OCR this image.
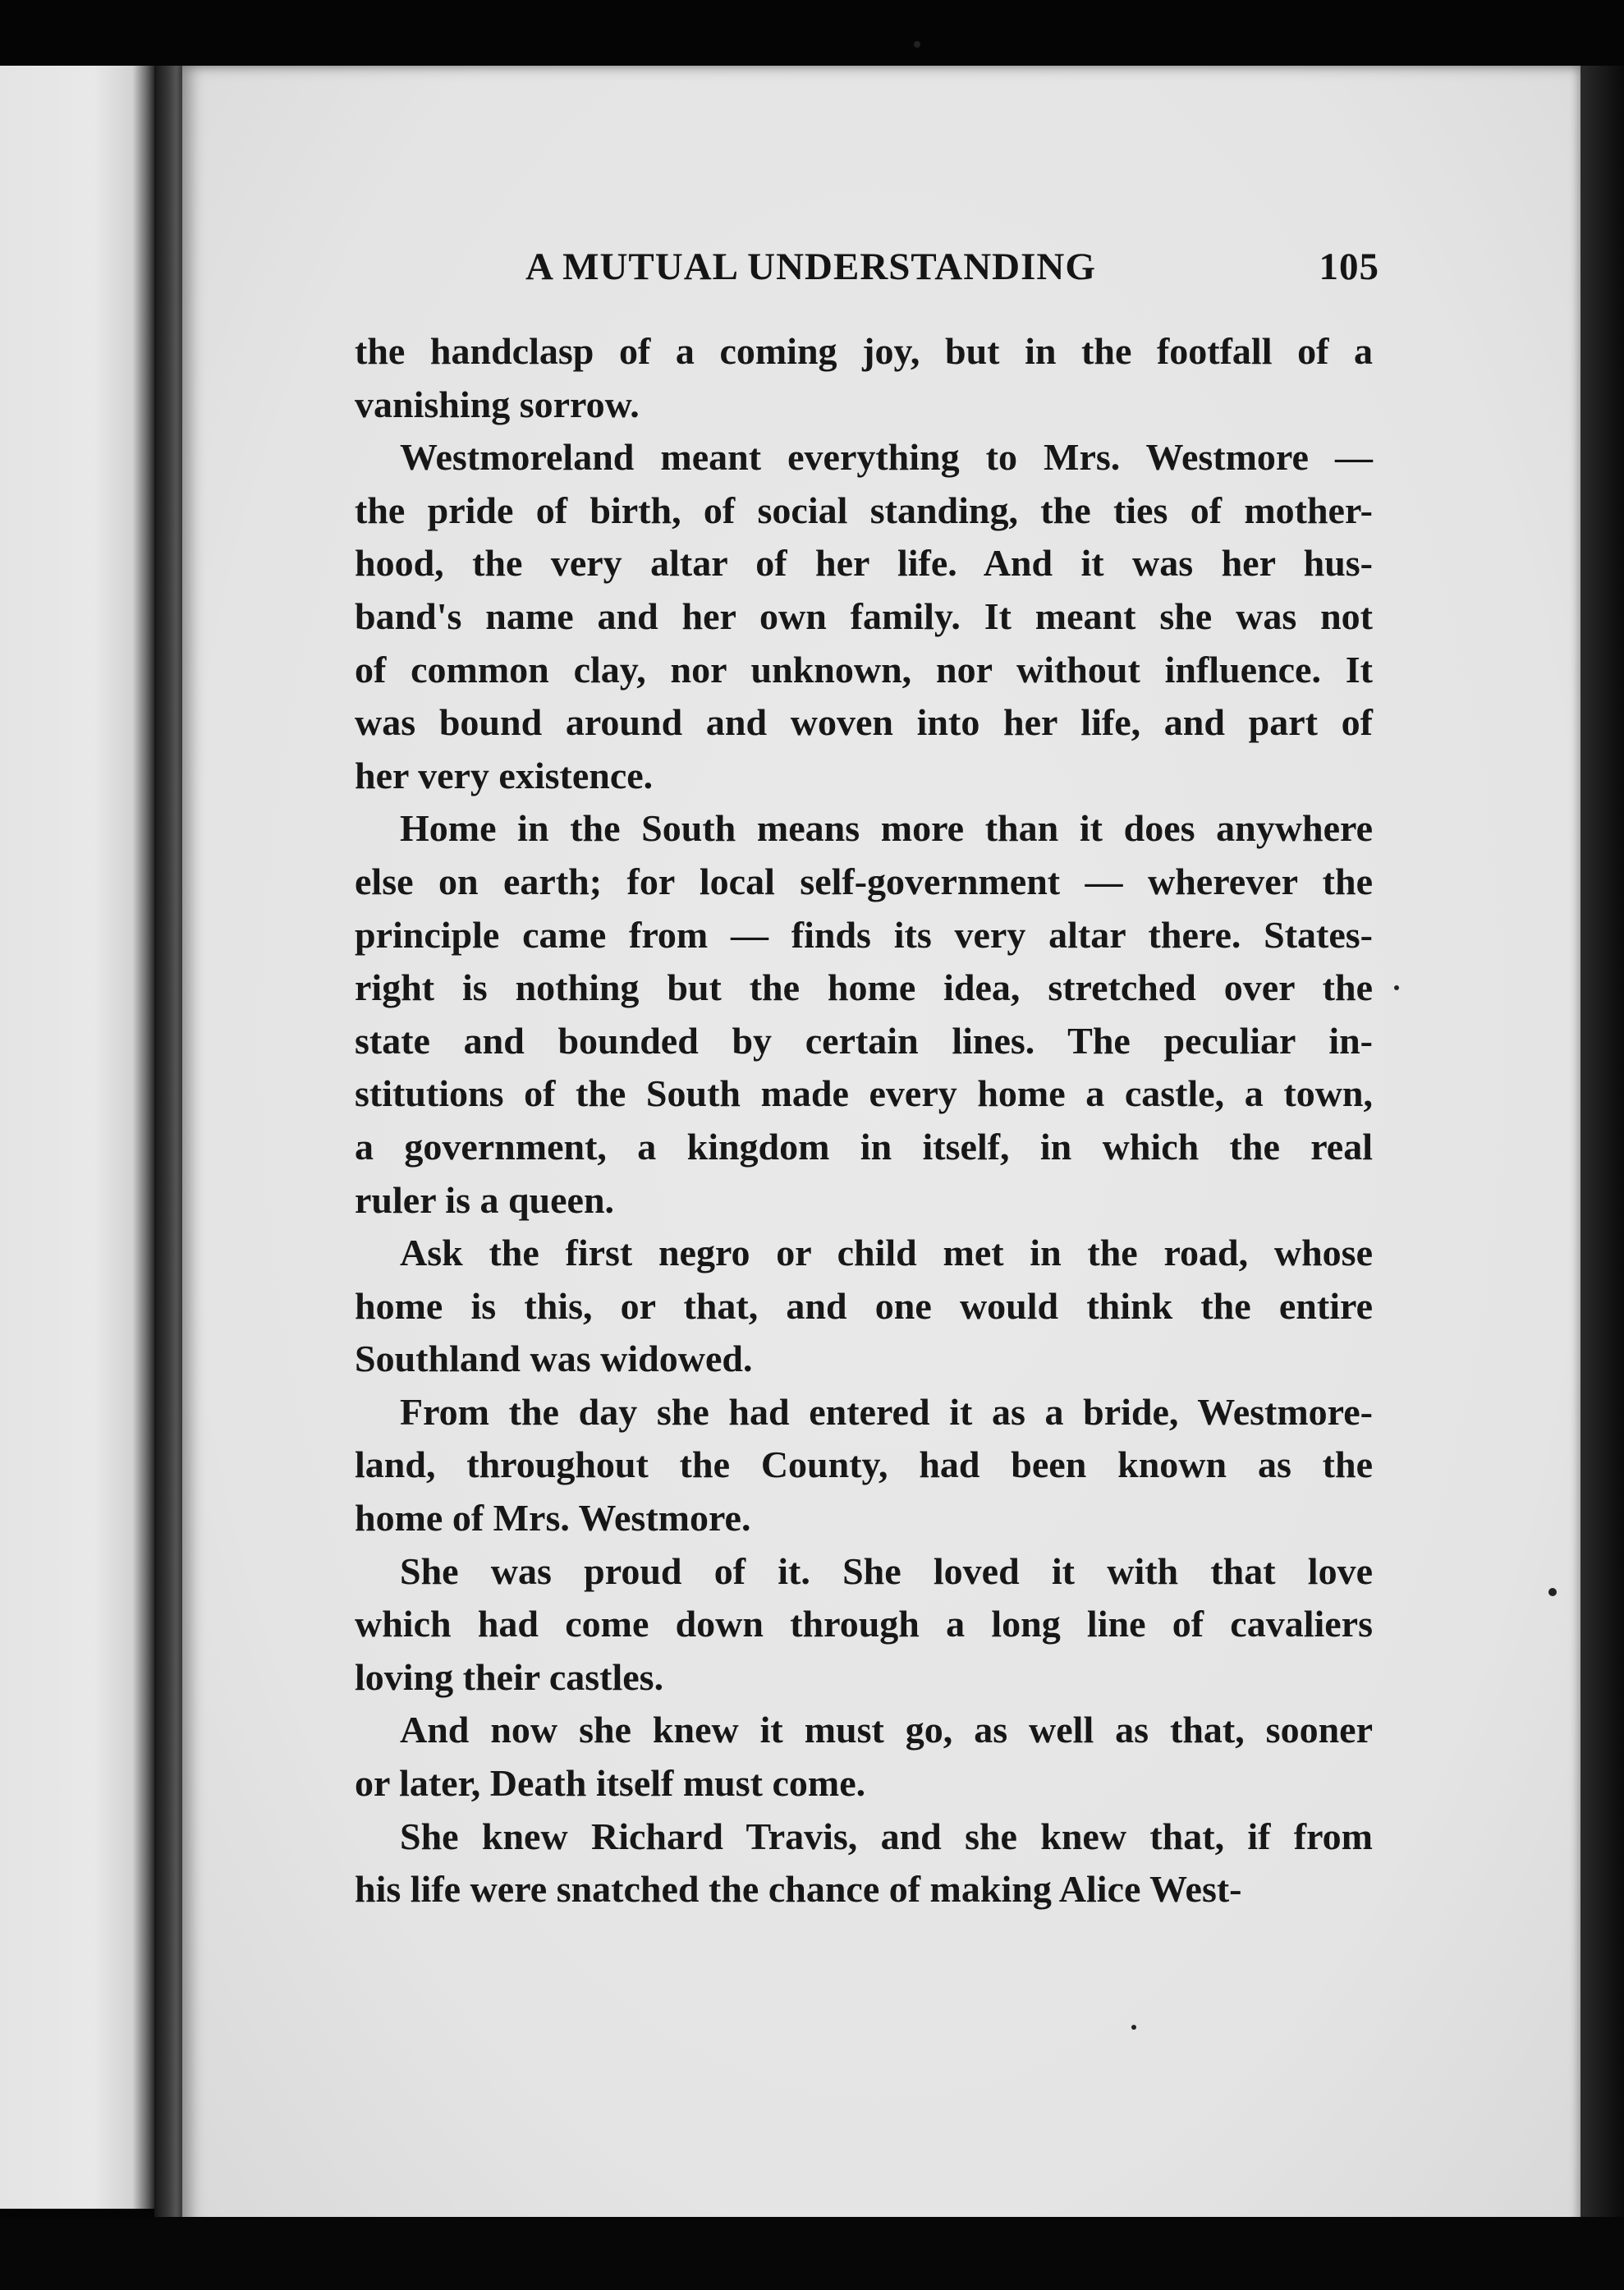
A MUTUAL UNDERSTANDING	105

the handclasp of a coming joy, but in the footfall of a
vanishing sorrow.

Westmoreland meant everything to Mrs. Westmore —
the pride of birth, of social standing, the ties of mother-
hood, the very altar of her life. And it was her hus-
band's name and her own family. It meant she was not
of common clay, nor unknown, nor without influence. It
was bound around and woven into her life, and part of
her very existence.

Home in the South means more than it does anywhere
else on earth; for local self-government — wherever the
principle came from — finds its very altar there. States-
right is nothing but the home idea, stretched over the
state and bounded by certain lines. The peculiar in-
stitutions of the South made every home a castle, a town,
a government, a kingdom in itself, in which the real
ruler is a queen.

Ask the first negro or child met in the road, whose
home is this, or that, and one would think the entire
Southland was widowed.

From the day she had entered it as a bride, Westmore-
land, throughout the County, had been known as the
home of Mrs. Westmore.

She was proud of it. She loved it with that love
which had come down through a long line of cavaliers
loving their castles.

And now she knew it must go, as well as that, sooner
or later, Death itself must come.

She knew Richard Travis, and she knew that, if from
his life were snatched the chance of making Alice West-
